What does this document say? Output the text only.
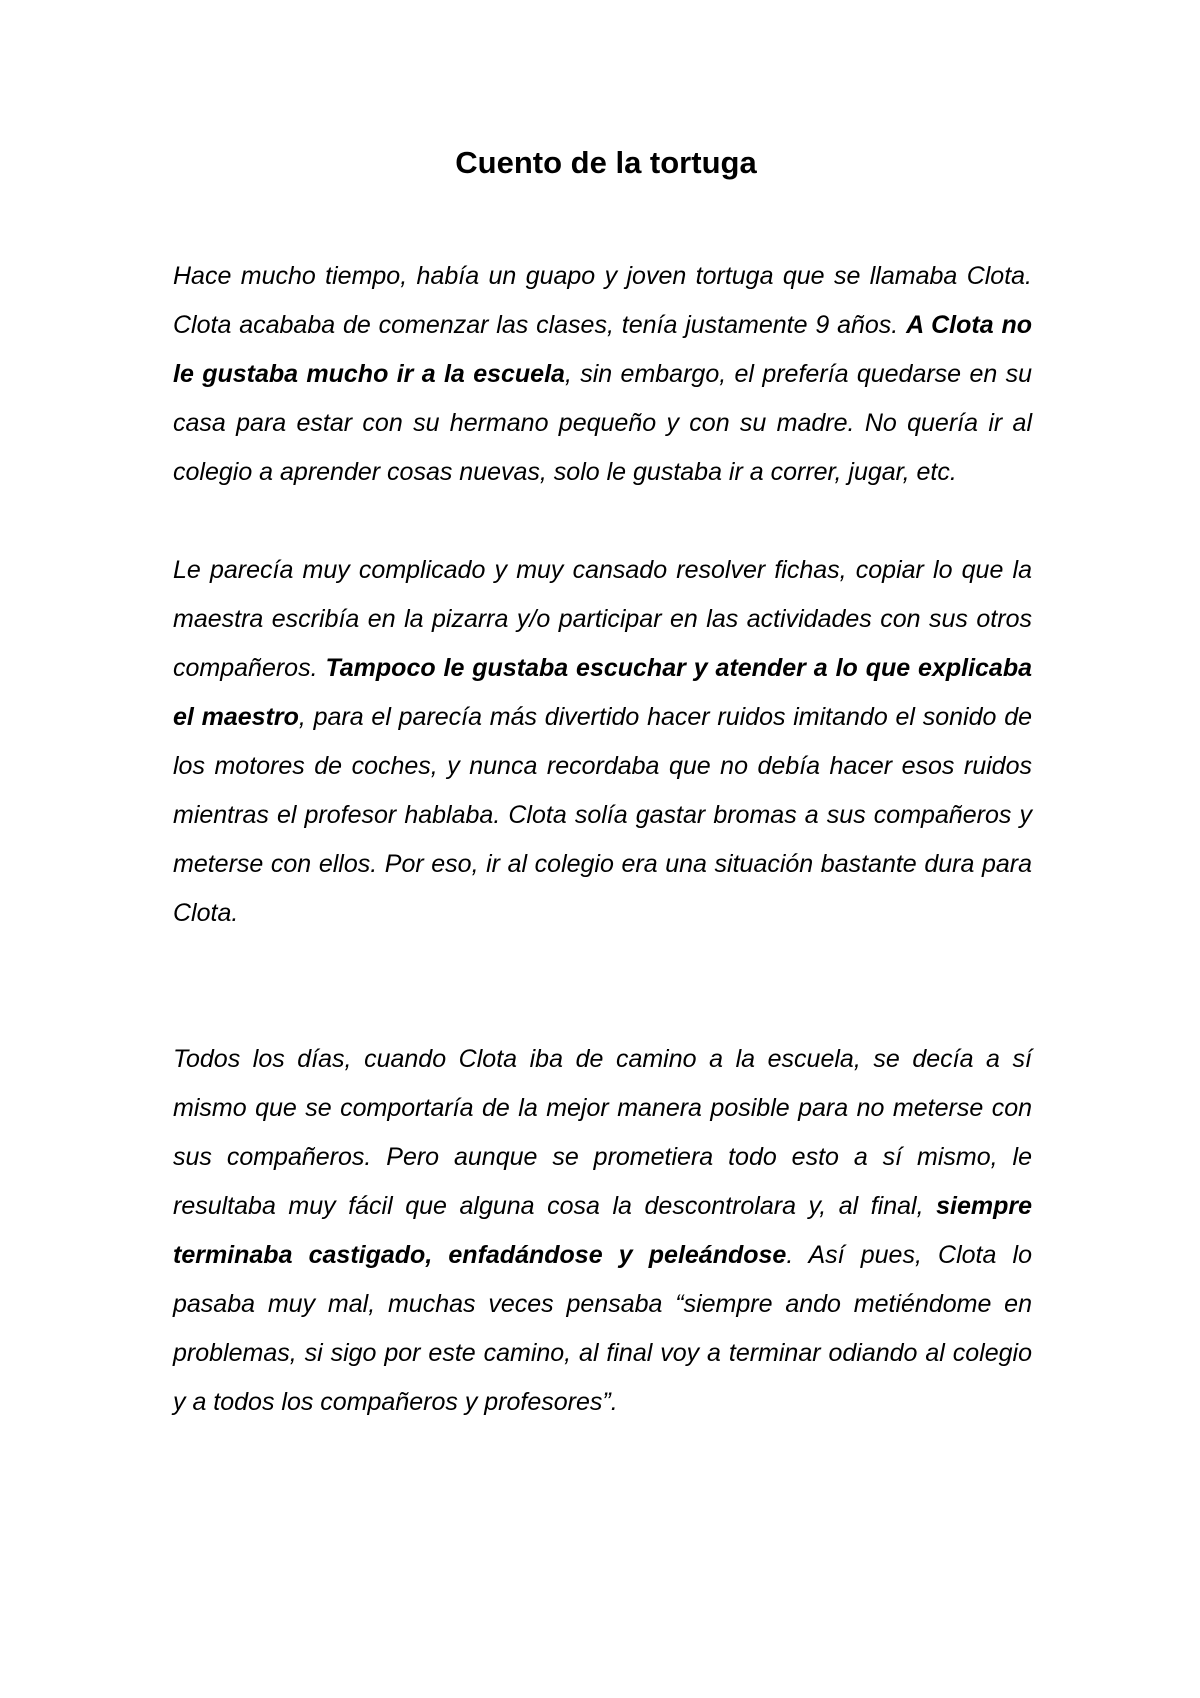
Cuento de la tortuga

Hace mucho tiempo, había un guapo y joven tortuga que se llamaba Clota. Clota acababa de comenzar las clases, tenía justamente 9 años. A Clota no le gustaba mucho ir a la escuela, sin embargo, el prefería quedarse en su casa para estar con su hermano pequeño y con su madre. No quería ir al colegio a aprender cosas nuevas, solo le gustaba ir a correr, jugar, etc.

Le parecía muy complicado y muy cansado resolver fichas, copiar lo que la maestra escribía en la pizarra y/o participar en las actividades con sus otros compañeros. Tampoco le gustaba escuchar y atender a lo que explicaba el maestro, para el parecía más divertido hacer ruidos imitando el sonido de los motores de coches, y nunca recordaba que no debía hacer esos ruidos mientras el profesor hablaba. Clota solía gastar bromas a sus compañeros y meterse con ellos. Por eso, ir al colegio era una situación bastante dura para Clota.

Todos los días, cuando Clota iba de camino a la escuela, se decía a sí mismo que se comportaría de la mejor manera posible para no meterse con sus compañeros. Pero aunque se prometiera todo esto a sí mismo, le resultaba muy fácil que alguna cosa la descontrolara y, al final, siempre terminaba castigado, enfadándose y peleándose. Así pues, Clota lo pasaba muy mal, muchas veces pensaba “siempre ando metiéndome en problemas, si sigo por este camino, al final voy a terminar odiando al colegio y a todos los compañeros y profesores”.
